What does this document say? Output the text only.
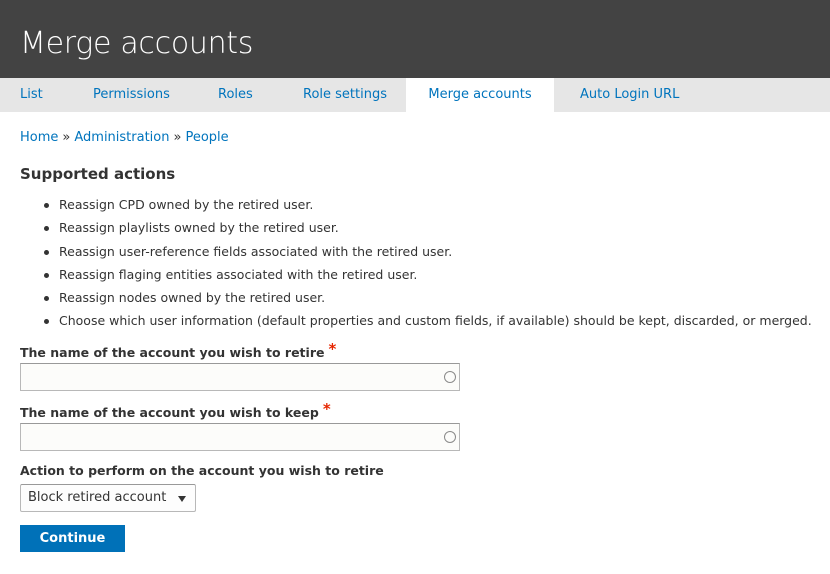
Merge accounts
List	Permissions	Roles	Role settings	Merge accounts	Auto Login URL
Home » Administration » People
Supported actions
Reassign CPD owned by the retired user.
Reassign playlists owned by the retired user.
Reassign user-reference fields associated with the retired user.
Reassign flaging entities associated with the retired user.
Reassign nodes owned by the retired user.
Choose which user information (default properties and custom fields, if available) should be kept, discarded, or merged.
The name of the account you wish to retire *
The name of the account you wish to keep *
Action to perform on the account you wish to retire
Block retired account
Continue
